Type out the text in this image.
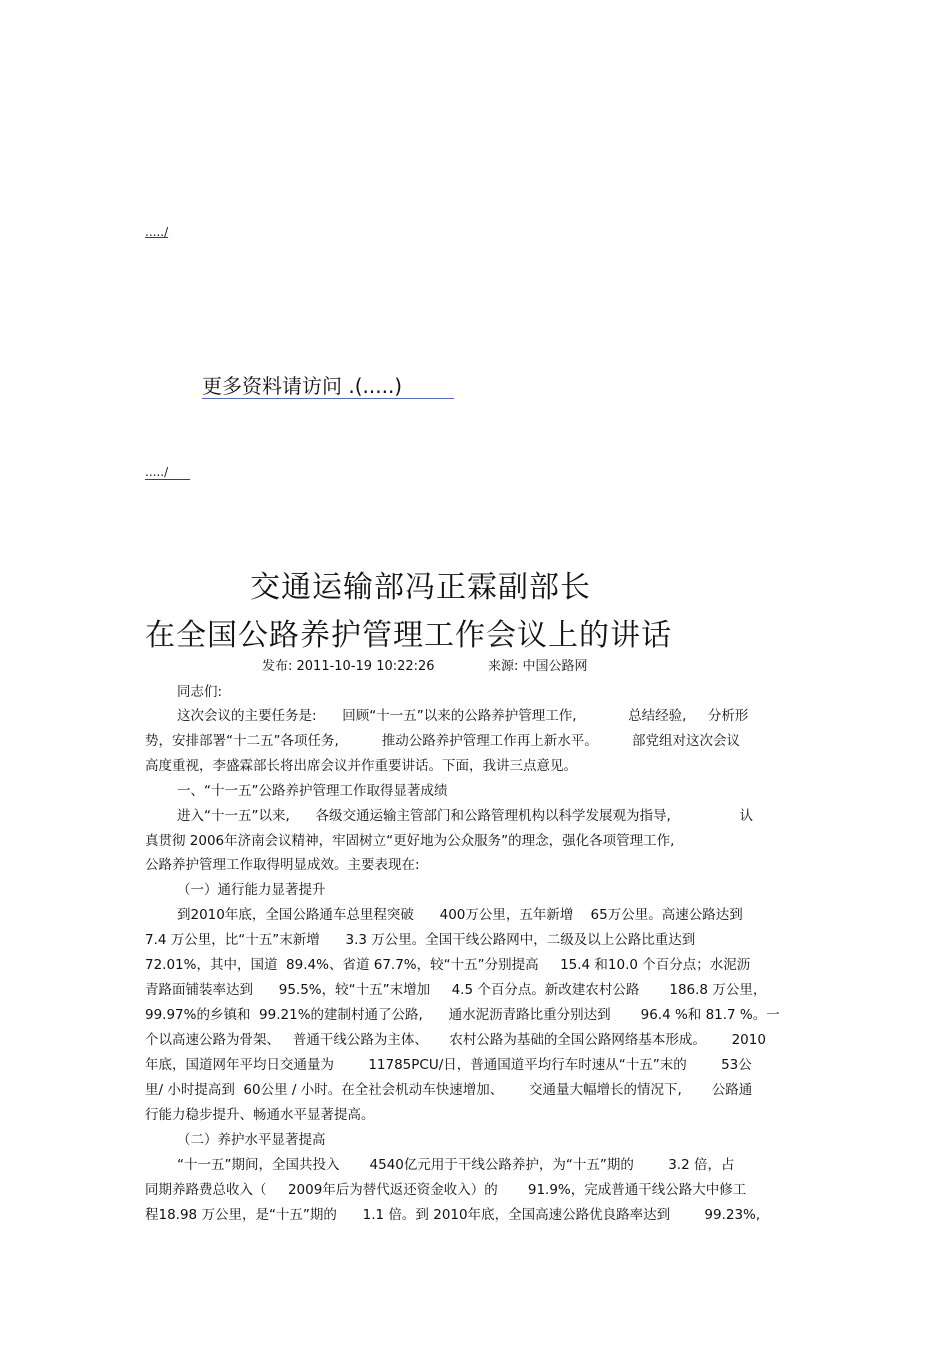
...../
更多资料请访问 .(.....)
...../
交通运输部冯正霖副部长
在全国公路养护管理工作会议上的讲话
发布: 2011-10-19 10:22:26	来源: 中国公路网
同志们:
这次会议的主要任务是:      回顾“十一五”以来的公路养护管理工作,            总结经验,     分析形
势，安排部署“十二五”各项任务,          推动公路养护管理工作再上新水平。        部党组对这次会议
高度重视，李盛霖部长将出席会议并作重要讲话。下面，我讲三点意见。
一、“十一五”公路养护管理工作取得显著成绩
进入“十一五”以来,      各级交通运输主管部门和公路管理机构以科学发展观为指导,                认
真贯彻 2006年济南会议精神，牢固树立“更好地为公众服务”的理念，强化各项管理工作,
公路养护管理工作取得明显成效。主要表现在:
（一）通行能力显著提升
到2010年底，全国公路通车总里程突破      400万公里，五年新增    65万公里。高速公路达到
7.4 万公里，比“十五”末新增      3.3 万公里。全国干线公路网中，二级及以上公路比重达到
72.01%，其中，国道  89.4%、省道 67.7%，较“十五”分别提高     15.4 和10.0 个百分点；水泥沥
青路面铺装率达到      95.5%，较“十五”末增加     4.5 个百分点。新改建农村公路       186.8 万公里，
99.97%的乡镇和  99.21%的建制村通了公路,      通水泥沥青路比重分别达到       96.4 %和 81.7 %。一
个以高速公路为骨架、   普通干线公路为主体、     农村公路为基础的全国公路网络基本形成。      2010
年底，国道网年平均日交通量为        11785PCU/日，普通国道平均行车时速从“十五”末的        53公
里/ 小时提高到  60公里 / 小时。在全社会机动车快速增加、      交通量大幅增长的情况下,       公路通
行能力稳步提升、畅通水平显著提高。
（二）养护水平显著提高
“十一五”期间，全国共投入       4540亿元用于干线公路养护，为“十五”期的        3.2 倍，占
同期养路费总收入（     2009年后为替代返还资金收入）的       91.9%，完成普通干线公路大中修工
程18.98 万公里，是“十五”期的      1.1 倍。到 2010年底，全国高速公路优良路率达到        99.23%,
